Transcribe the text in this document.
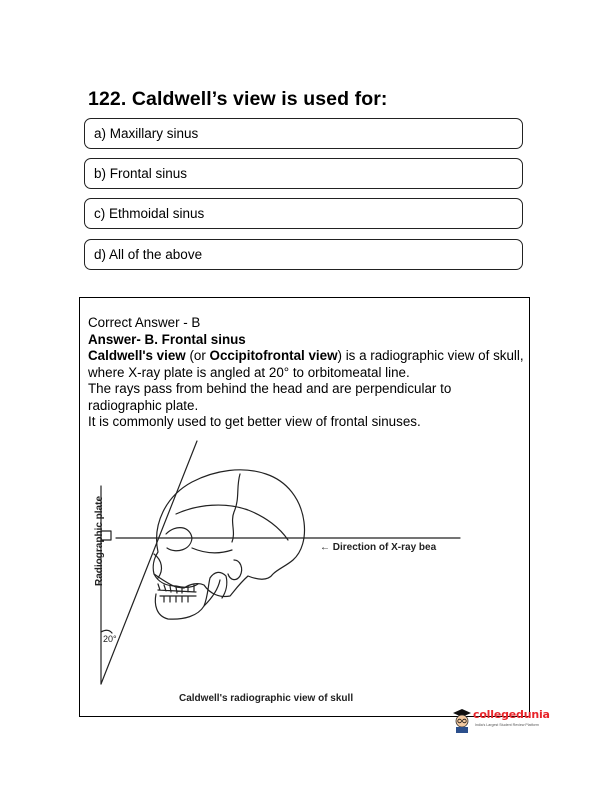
122. Caldwell’s view is used for:
a) Maxillary sinus
b) Frontal sinus
c) Ethmoidal sinus
d) All of the above
Correct Answer - B
Answer- B. Frontal sinus
Caldwell's view (or Occipitofrontal view) is a radiographic view of skull, where X-ray plate is angled at 20° to orbitomeatal line.
The rays pass from behind the head and are perpendicular to radiographic plate.
It is commonly used to get better view of frontal sinuses.
Radiographic plate
20°
← Direction of X-ray bea
Caldwell's radiographic view of skull
collegedunia
India's Largest Student Review Platform
